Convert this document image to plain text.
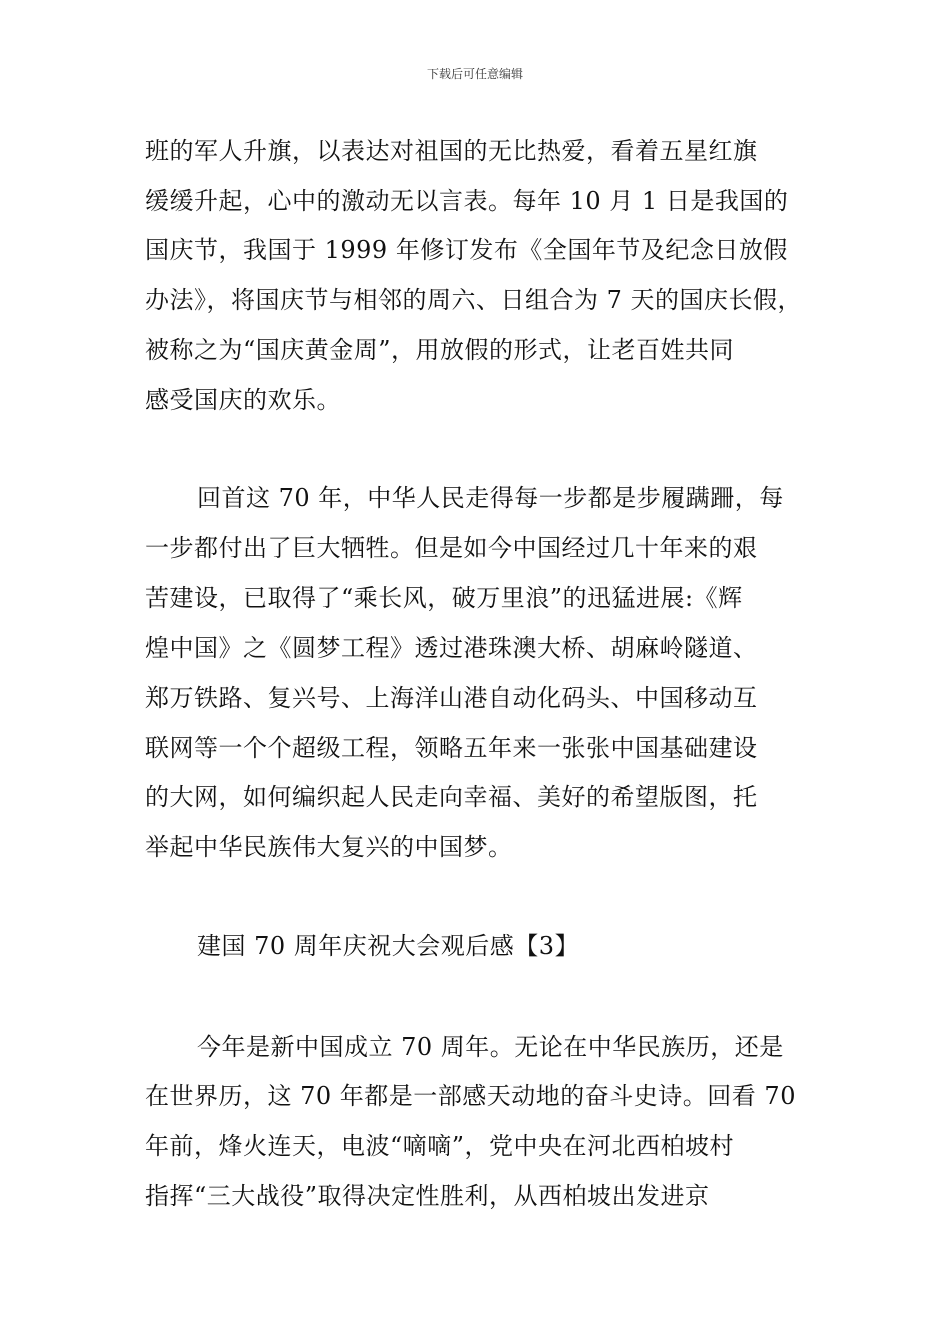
下载后可任意编辑
班的军人升旗，以表达对祖国的无比热爱，看着五星红旗
缓缓升起，心中的激动无以言表。每年 10 月 1 日是我国的
国庆节，我国于 1999 年修订发布《全国年节及纪念日放假
办法》，将国庆节与相邻的周六、日组合为 7 天的国庆长假，
被称之为“国庆黄金周”，用放假的形式，让老百姓共同
感受国庆的欢乐。
回首这 70 年，中华人民走得每一步都是步履蹒跚，每
一步都付出了巨大牺牲。但是如今中国经过几十年来的艰
苦建设，已取得了“乘长风，破万里浪”的迅猛进展:《辉
煌中国》之《圆梦工程》透过港珠澳大桥、胡麻岭隧道、
郑万铁路、复兴号、上海洋山港自动化码头、中国移动互
联网等一个个超级工程，领略五年来一张张中国基础建设
的大网，如何编织起人民走向幸福、美好的希望版图，托
举起中华民族伟大复兴的中国梦。
建国 70 周年庆祝大会观后感【3】
今年是新中国成立 70 周年。无论在中华民族历，还是
在世界历，这 70 年都是一部感天动地的奋斗史诗。回看 70
年前，烽火连天，电波“嘀嘀”，党中央在河北西柏坡村
指挥“三大战役”取得决定性胜利，从西柏坡出发进京
